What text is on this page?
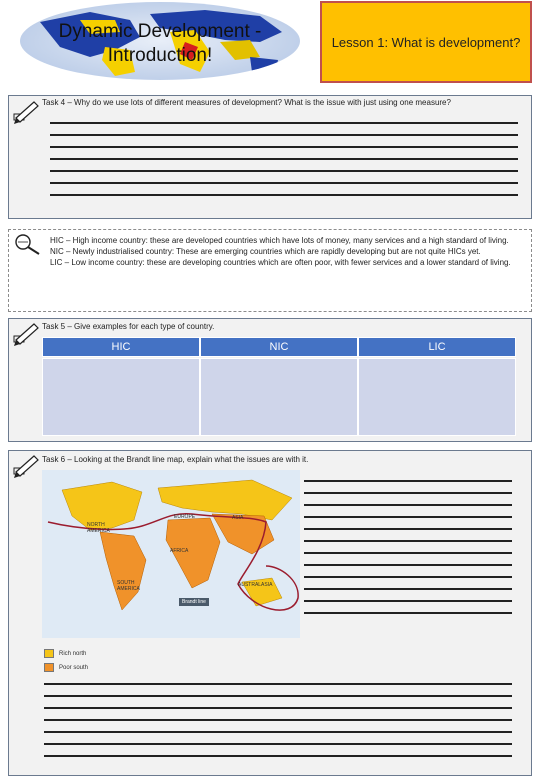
Dynamic Development -
Introduction!
Lesson 1: What is development?
Task 4 – Why do we use lots of different measures of development? What is the issue with just using one measure?
HIC – High income country: these are developed countries which have lots of money, many services and a high standard of living.
NIC – Newly industrialised country: These are emerging countries which are rapidly developing but are not quite HICs yet.
LIC – Low income country: these are developing countries which are often poor, with fewer services and a lower standard of living.
Task 5 – Give examples for each type of country.
HIC	NIC	LIC
Task 6 – Looking at the Brandt line map, explain what the issues are with it.
ASIA
EUROPE
NORTH AMERICA
AFRICA
SOUTH AMERICA
AUSTRALASIA
Brandt line
Rich north
Poor south
